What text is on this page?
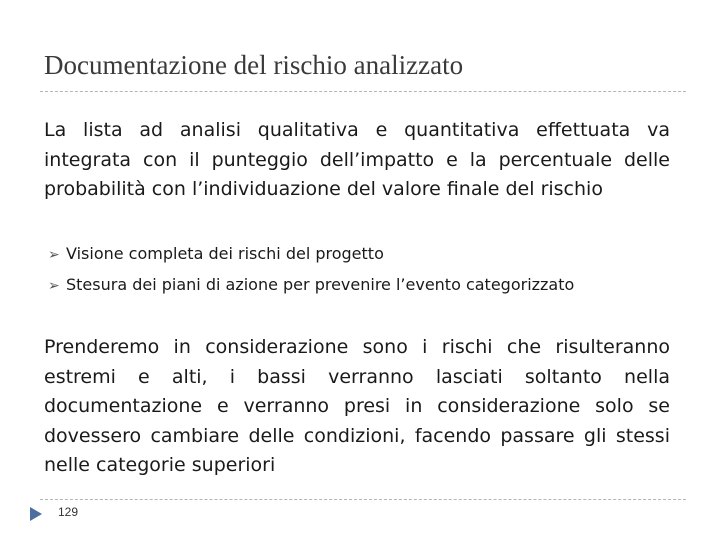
Documentazione del rischio analizzato
La lista ad analisi qualitativa e quantitativa effettuata va integrata con il punteggio dell’impatto e la percentuale delle probabilità con l’individuazione del valore finale del rischio
➢ Visione completa dei rischi del progetto
➢ Stesura dei piani di azione per prevenire l’evento categorizzato
Prenderemo in considerazione sono i rischi che risulteranno estremi e alti, i bassi verranno lasciati soltanto nella documentazione e verranno presi in considerazione solo se dovessero cambiare delle condizioni, facendo passare gli stessi nelle categorie superiori
129
